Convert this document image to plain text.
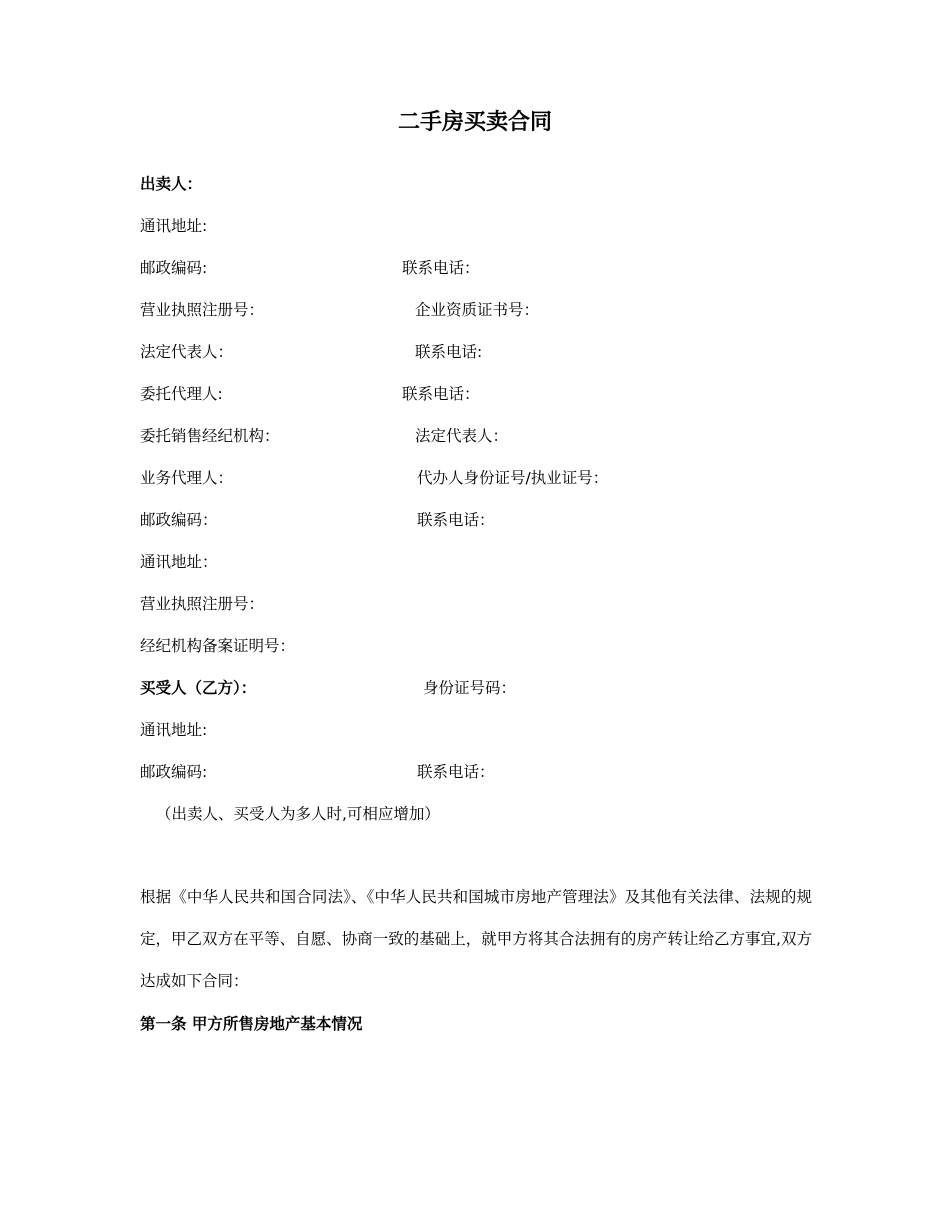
二手房买卖合同
出卖人：
通讯地址:
邮政编码:	联系电话：
营业执照注册号：	企业资质证书号：
法定代表人：	联系电话:
委托代理人:	联系电话：
委托销售经纪机构：	法定代表人：
业务代理人：	代办人身份证号/执业证号：
邮政编码：	联系电话：
通讯地址：
营业执照注册号：
经纪机构备案证明号：
买受人（乙方）：	身份证号码：
通讯地址:
邮政编码:	联系电话：
（出卖人、买受人为多人时,可相应增加）
根据《中华人民共和国合同法》、《中华人民共和国城市房地产管理法》及其他有关法律、法规的规定，甲乙双方在平等、自愿、协商一致的基础上，就甲方将其合法拥有的房产转让给乙方事宜,双方达成如下合同：
第一条 甲方所售房地产基本情况
